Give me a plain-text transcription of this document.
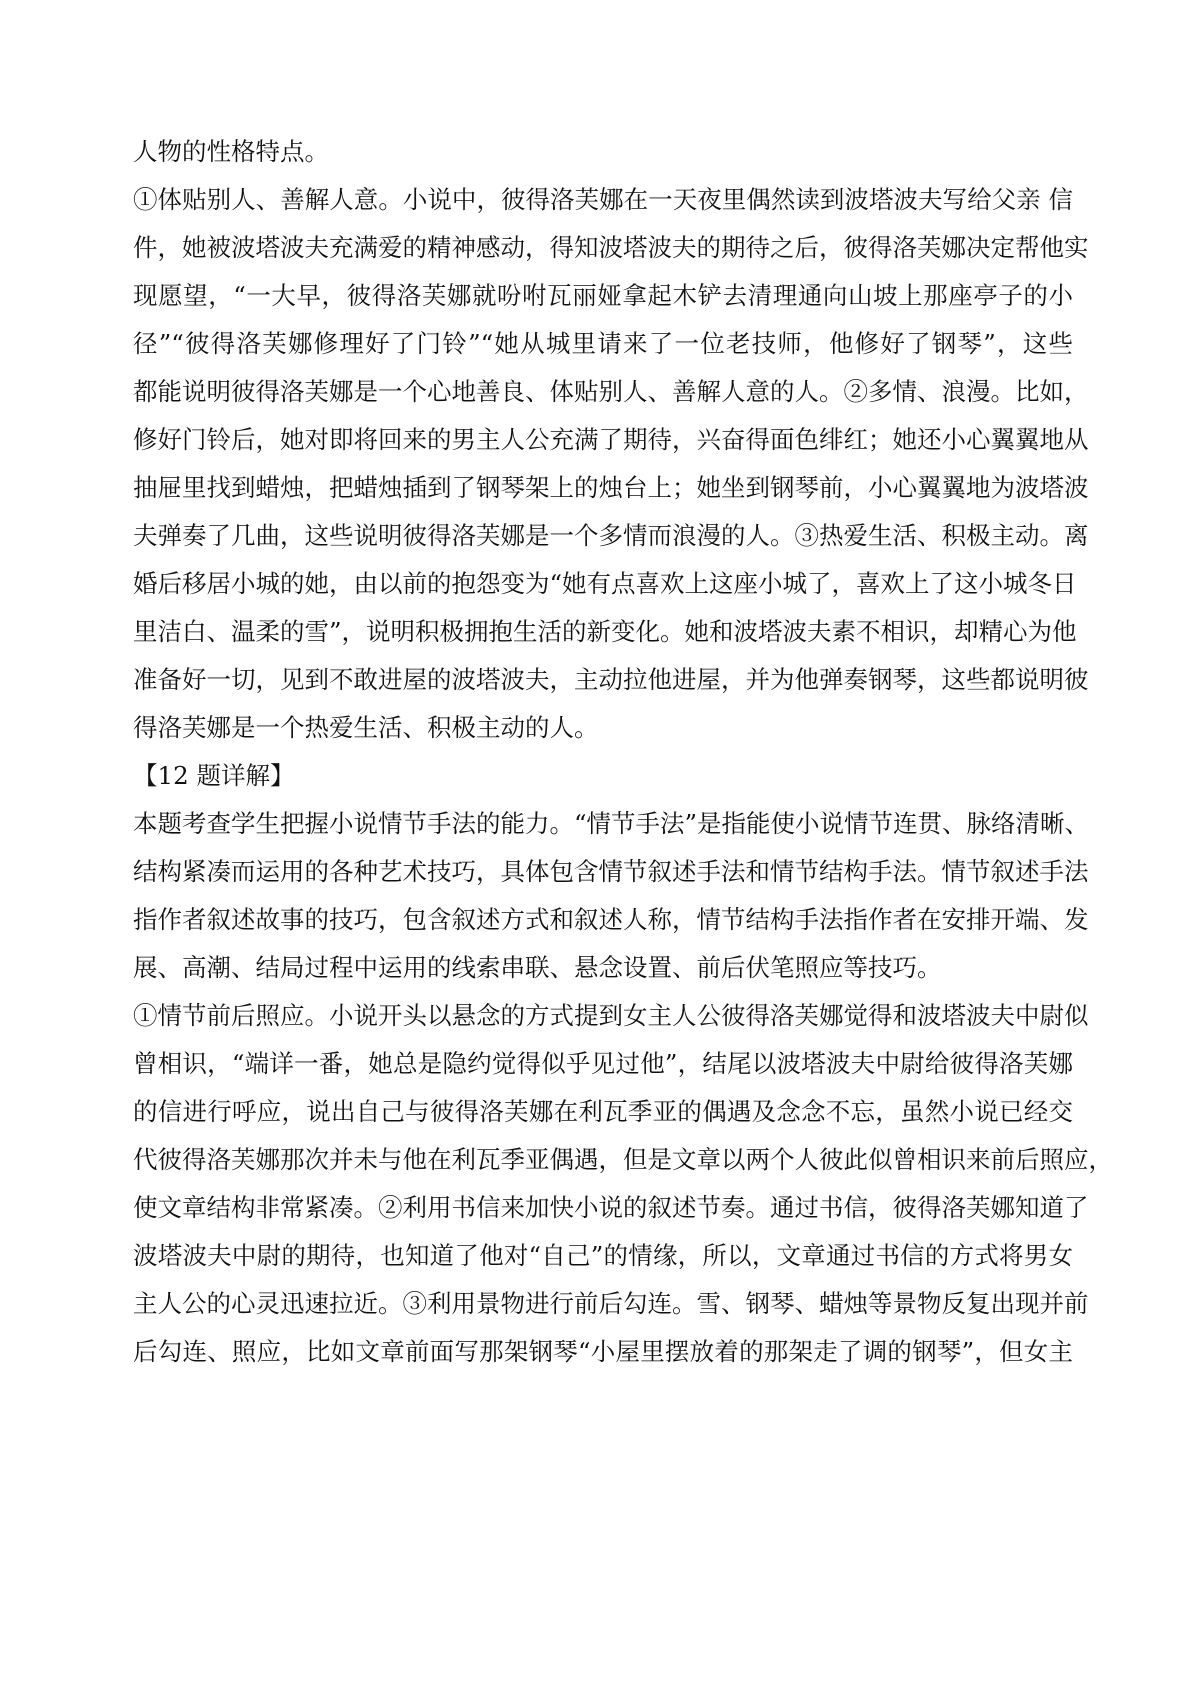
人物的性格特点。
①体贴别人、善解人意。小说中，彼得洛芙娜在一天夜里偶然读到波塔波夫写给父亲 信
件，她被波塔波夫充满爱的精神感动，得知波塔波夫的期待之后，彼得洛芙娜决定帮他实
现愿望，“一大早，彼得洛芙娜就吩咐瓦丽娅拿起木铲去清理通向山坡上那座亭子的小
径”“彼得洛芙娜修理好了门铃”“她从城里请来了一位老技师，他修好了钢琴”，这些
都能说明彼得洛芙娜是一个心地善良、体贴别人、善解人意的人。②多情、浪漫。比如，
修好门铃后，她对即将回来的男主人公充满了期待，兴奋得面色绯红；她还小心翼翼地从
抽屉里找到蜡烛，把蜡烛插到了钢琴架上的烛台上；她坐到钢琴前，小心翼翼地为波塔波
夫弹奏了几曲，这些说明彼得洛芙娜是一个多情而浪漫的人。③热爱生活、积极主动。离
婚后移居小城的她，由以前的抱怨变为“她有点喜欢上这座小城了，喜欢上了这小城冬日
里洁白、温柔的雪”，说明积极拥抱生活的新变化。她和波塔波夫素不相识，却精心为他
准备好一切，见到不敢进屋的波塔波夫，主动拉他进屋，并为他弹奏钢琴，这些都说明彼
得洛芙娜是一个热爱生活、积极主动的人。
【12 题详解】
本题考查学生把握小说情节手法的能力。“情节手法”是指能使小说情节连贯、脉络清晰、
结构紧凑而运用的各种艺术技巧，具体包含情节叙述手法和情节结构手法。情节叙述手法
指作者叙述故事的技巧，包含叙述方式和叙述人称，情节结构手法指作者在安排开端、发
展、高潮、结局过程中运用的线索串联、悬念设置、前后伏笔照应等技巧。
①情节前后照应。小说开头以悬念的方式提到女主人公彼得洛芙娜觉得和波塔波夫中尉似
曾相识，“端详一番，她总是隐约觉得似乎见过他”，结尾以波塔波夫中尉给彼得洛芙娜
的信进行呼应，说出自己与彼得洛芙娜在利瓦季亚的偶遇及念念不忘，虽然小说已经交
代彼得洛芙娜那次并未与他在利瓦季亚偶遇，但是文章以两个人彼此似曾相识来前后照应，
使文章结构非常紧凑。②利用书信来加快小说的叙述节奏。通过书信，彼得洛芙娜知道了
波塔波夫中尉的期待，也知道了他对“自己”的情缘，所以，文章通过书信的方式将男女
主人公的心灵迅速拉近。③利用景物进行前后勾连。雪、钢琴、蜡烛等景物反复出现并前
后勾连、照应，比如文章前面写那架钢琴“小屋里摆放着的那架走了调的钢琴”，但女主
